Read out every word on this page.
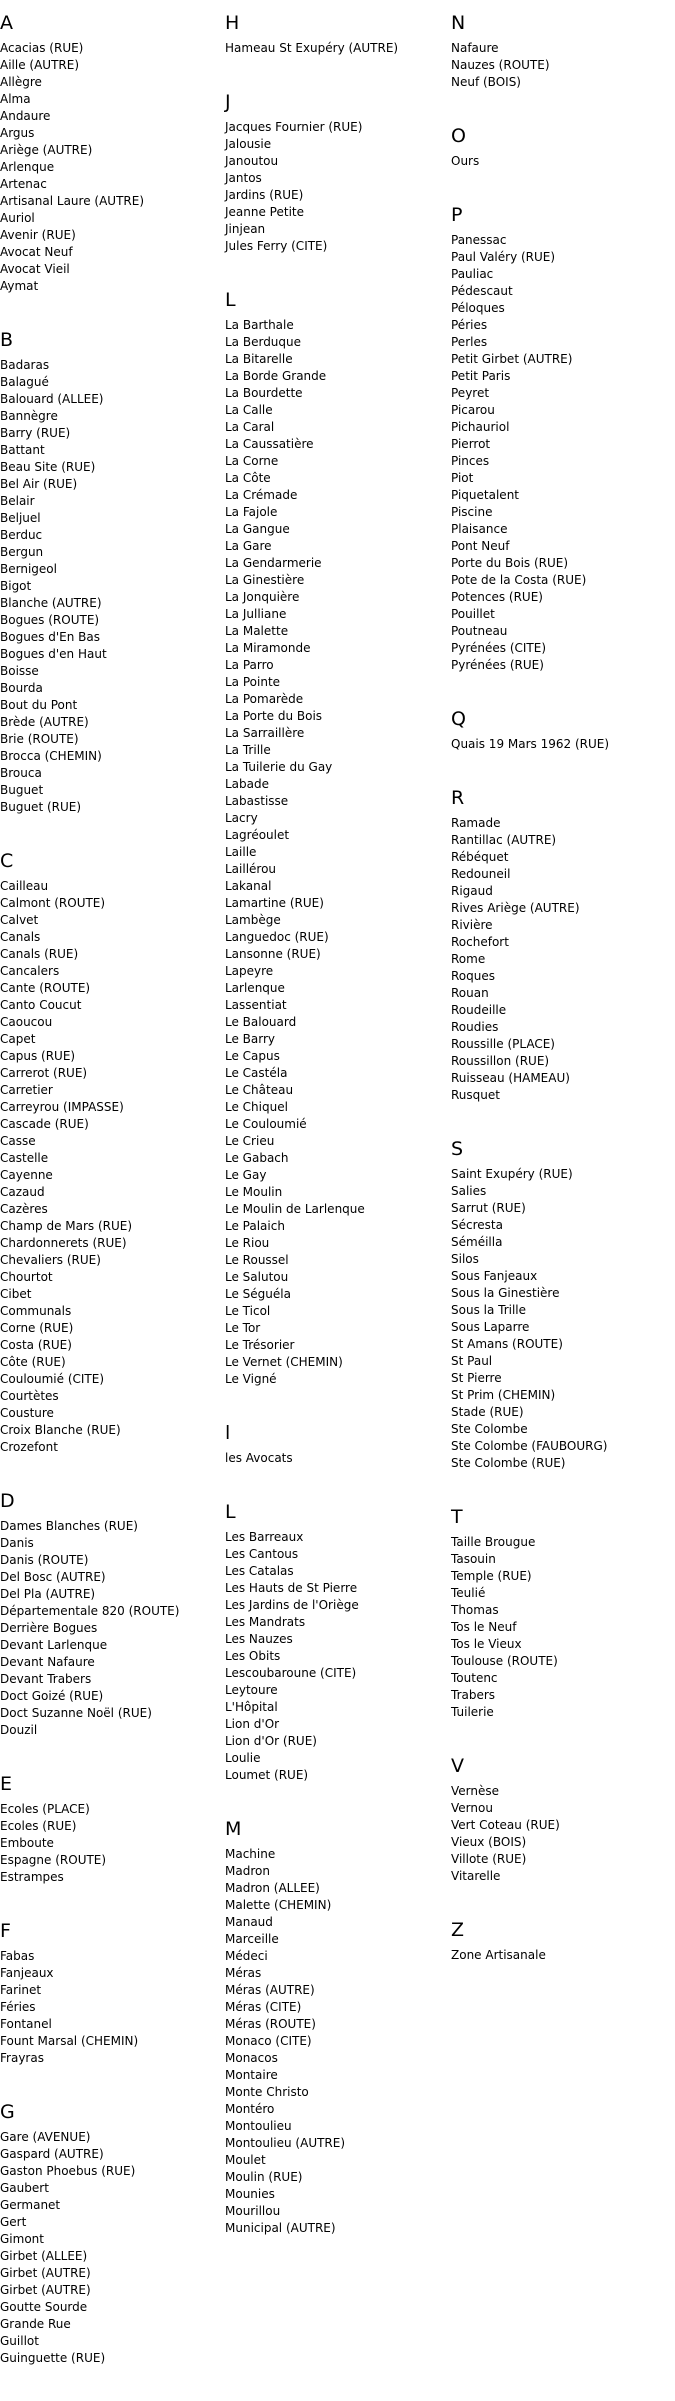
A
Acacias (RUE)
Aille (AUTRE)
Allègre
Alma
Andaure
Argus
Ariège (AUTRE)
Arlenque
Artenac
Artisanal Laure (AUTRE)
Auriol
Avenir (RUE)
Avocat Neuf
Avocat Vieil
Aymat
B
Badaras
Balagué
Balouard (ALLEE)
Bannègre
Barry (RUE)
Battant
Beau Site (RUE)
Bel Air (RUE)
Belair
Beljuel
Berduc
Bergun
Bernigeol
Bigot
Blanche (AUTRE)
Bogues (ROUTE)
Bogues d'En Bas
Bogues d'en Haut
Boisse
Bourda
Bout du Pont
Brède (AUTRE)
Brie (ROUTE)
Brocca (CHEMIN)
Brouca
Buguet
Buguet (RUE)
C
Cailleau
Calmont (ROUTE)
Calvet
Canals
Canals (RUE)
Cancalers
Cante (ROUTE)
Canto Coucut
Caoucou
Capet
Capus (RUE)
Carrerot (RUE)
Carretier
Carreyrou (IMPASSE)
Cascade (RUE)
Casse
Castelle
Cayenne
Cazaud
Cazères
Champ de Mars (RUE)
Chardonnerets (RUE)
Chevaliers (RUE)
Chourtot
Cibet
Communals
Corne (RUE)
Costa (RUE)
Côte (RUE)
Couloumié (CITE)
Courtètes
Cousture
Croix Blanche (RUE)
Crozefont
D
Dames Blanches (RUE)
Danis
Danis (ROUTE)
Del Bosc (AUTRE)
Del Pla (AUTRE)
Départementale 820 (ROUTE)
Derrière Bogues
Devant Larlenque
Devant Nafaure
Devant Trabers
Doct Goizé (RUE)
Doct Suzanne Noël (RUE)
Douzil
E
Ecoles (PLACE)
Ecoles (RUE)
Emboute
Espagne (ROUTE)
Estrampes
F
Fabas
Fanjeaux
Farinet
Féries
Fontanel
Fount Marsal (CHEMIN)
Frayras
G
Gare (AVENUE)
Gaspard (AUTRE)
Gaston Phoebus (RUE)
Gaubert
Germanet
Gert
Gimont
Girbet (ALLEE)
Girbet (AUTRE)
Girbet (AUTRE)
Goutte Sourde
Grande Rue
Guillot
Guinguette (RUE)
H
Hameau St Exupéry (AUTRE)
J
Jacques Fournier (RUE)
Jalousie
Janoutou
Jantos
Jardins (RUE)
Jeanne Petite
Jinjean
Jules Ferry (CITE)
L
La Barthale
La Berduque
La Bitarelle
La Borde Grande
La Bourdette
La Calle
La Caral
La Caussatière
La Corne
La Côte
La Crémade
La Fajole
La Gangue
La Gare
La Gendarmerie
La Ginestière
La Jonquière
La Julliane
La Malette
La Miramonde
La Parro
La Pointe
La Pomarède
La Porte du Bois
La Sarraillère
La Trille
La Tuilerie du Gay
Labade
Labastisse
Lacry
Lagréoulet
Laille
Laillérou
Lakanal
Lamartine (RUE)
Lambège
Languedoc (RUE)
Lansonne (RUE)
Lapeyre
Larlenque
Lassentiat
Le Balouard
Le Barry
Le Capus
Le Castéla
Le Château
Le Chiquel
Le Couloumié
Le Crieu
Le Gabach
Le Gay
Le Moulin
Le Moulin de Larlenque
Le Palaich
Le Riou
Le Roussel
Le Salutou
Le Séguéla
Le Ticol
Le Tor
Le Trésorier
Le Vernet (CHEMIN)
Le Vigné
l
les Avocats
L
Les Barreaux
Les Cantous
Les Catalas
Les Hauts de St Pierre
Les Jardins de l'Oriège
Les Mandrats
Les Nauzes
Les Obits
Lescoubaroune (CITE)
Leytoure
L'Hôpital
Lion d'Or
Lion d'Or (RUE)
Loulie
Loumet (RUE)
M
Machine
Madron
Madron (ALLEE)
Malette (CHEMIN)
Manaud
Marceille
Médeci
Méras
Méras (AUTRE)
Méras (CITE)
Méras (ROUTE)
Monaco (CITE)
Monacos
Montaire
Monte Christo
Montéro
Montoulieu
Montoulieu (AUTRE)
Moulet
Moulin (RUE)
Mounies
Mourillou
Municipal (AUTRE)
N
Nafaure
Nauzes (ROUTE)
Neuf (BOIS)
O
Ours
P
Panessac
Paul Valéry (RUE)
Pauliac
Pédescaut
Péloques
Péries
Perles
Petit Girbet (AUTRE)
Petit Paris
Peyret
Picarou
Pichauriol
Pierrot
Pinces
Piot
Piquetalent
Piscine
Plaisance
Pont Neuf
Porte du Bois (RUE)
Pote de la Costa (RUE)
Potences (RUE)
Pouillet
Poutneau
Pyrénées (CITE)
Pyrénées (RUE)
Q
Quais 19 Mars 1962 (RUE)
R
Ramade
Rantillac (AUTRE)
Rébéquet
Redouneil
Rigaud
Rives Ariège (AUTRE)
Rivière
Rochefort
Rome
Roques
Rouan
Roudeille
Roudies
Roussille (PLACE)
Roussillon (RUE)
Ruisseau (HAMEAU)
Rusquet
S
Saint Exupéry (RUE)
Salies
Sarrut (RUE)
Sécresta
Séméilla
Silos
Sous Fanjeaux
Sous la Ginestière
Sous la Trille
Sous Laparre
St Amans (ROUTE)
St Paul
St Pierre
St Prim (CHEMIN)
Stade (RUE)
Ste Colombe
Ste Colombe (FAUBOURG)
Ste Colombe (RUE)
T
Taille Brougue
Tasouin
Temple (RUE)
Teulié
Thomas
Tos le Neuf
Tos le Vieux
Toulouse (ROUTE)
Toutenc
Trabers
Tuilerie
V
Vernèse
Vernou
Vert Coteau (RUE)
Vieux (BOIS)
Villote (RUE)
Vitarelle
Z
Zone Artisanale
